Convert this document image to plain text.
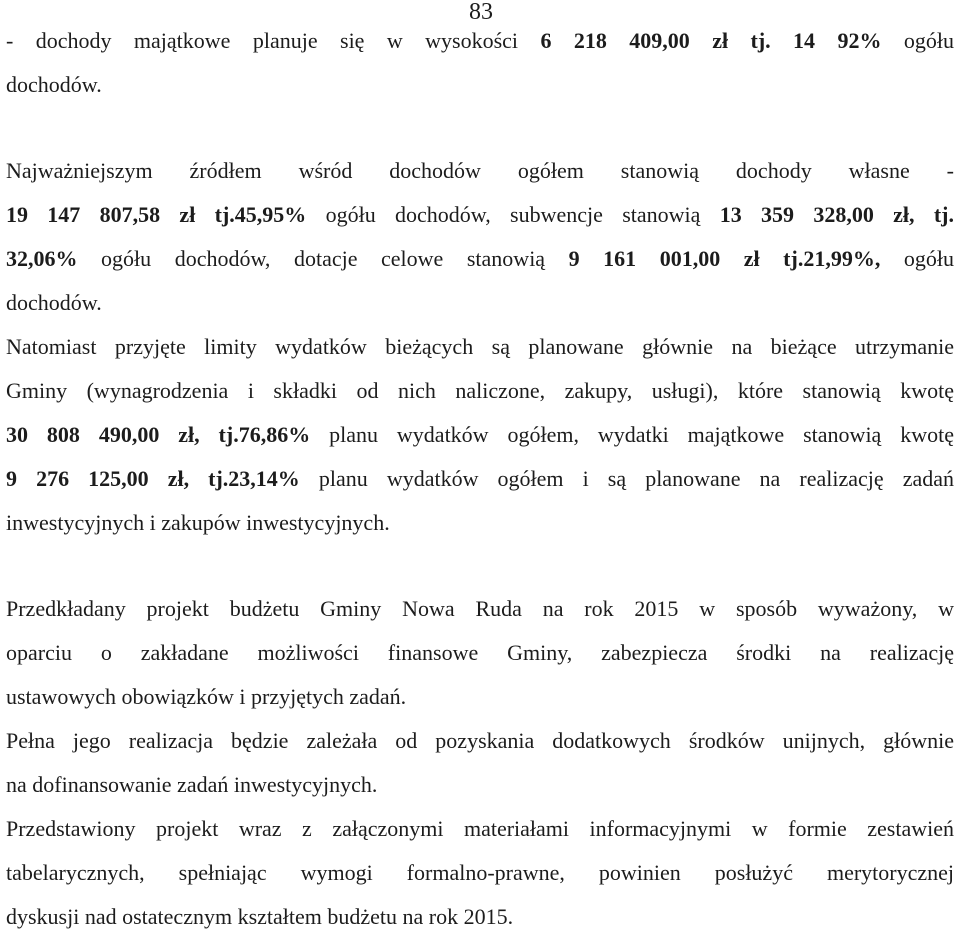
83
- dochody majątkowe planuje się w wysokości 6 218 409,00 zł tj. 14 92% ogółu
dochodów.
Najważniejszym źródłem wśród dochodów ogółem stanowią dochody własne -
19 147 807,58 zł tj.45,95% ogółu dochodów, subwencje stanowią 13 359 328,00 zł, tj.
32,06% ogółu dochodów, dotacje celowe stanowią 9 161 001,00 zł tj.21,99%, ogółu
dochodów.
Natomiast przyjęte limity wydatków bieżących są planowane głównie na bieżące utrzymanie
Gminy (wynagrodzenia i składki od nich naliczone, zakupy, usługi), które stanowią kwotę
30 808 490,00 zł, tj.76,86% planu wydatków ogółem, wydatki majątkowe stanowią kwotę
9 276 125,00 zł, tj.23,14% planu wydatków ogółem i są planowane na realizację zadań
inwestycyjnych i zakupów inwestycyjnych.
Przedkładany projekt budżetu Gminy Nowa Ruda na rok 2015 w sposób wyważony, w
oparciu o zakładane możliwości finansowe Gminy, zabezpiecza środki na realizację
ustawowych obowiązków i przyjętych zadań.
Pełna jego realizacja będzie zależała od pozyskania dodatkowych środków unijnych, głównie
na dofinansowanie zadań inwestycyjnych.
Przedstawiony projekt wraz z załączonymi materiałami informacyjnymi w formie zestawień
tabelarycznych, spełniając wymogi formalno-prawne, powinien posłużyć merytorycznej
dyskusji nad ostatecznym kształtem budżetu na rok 2015.
